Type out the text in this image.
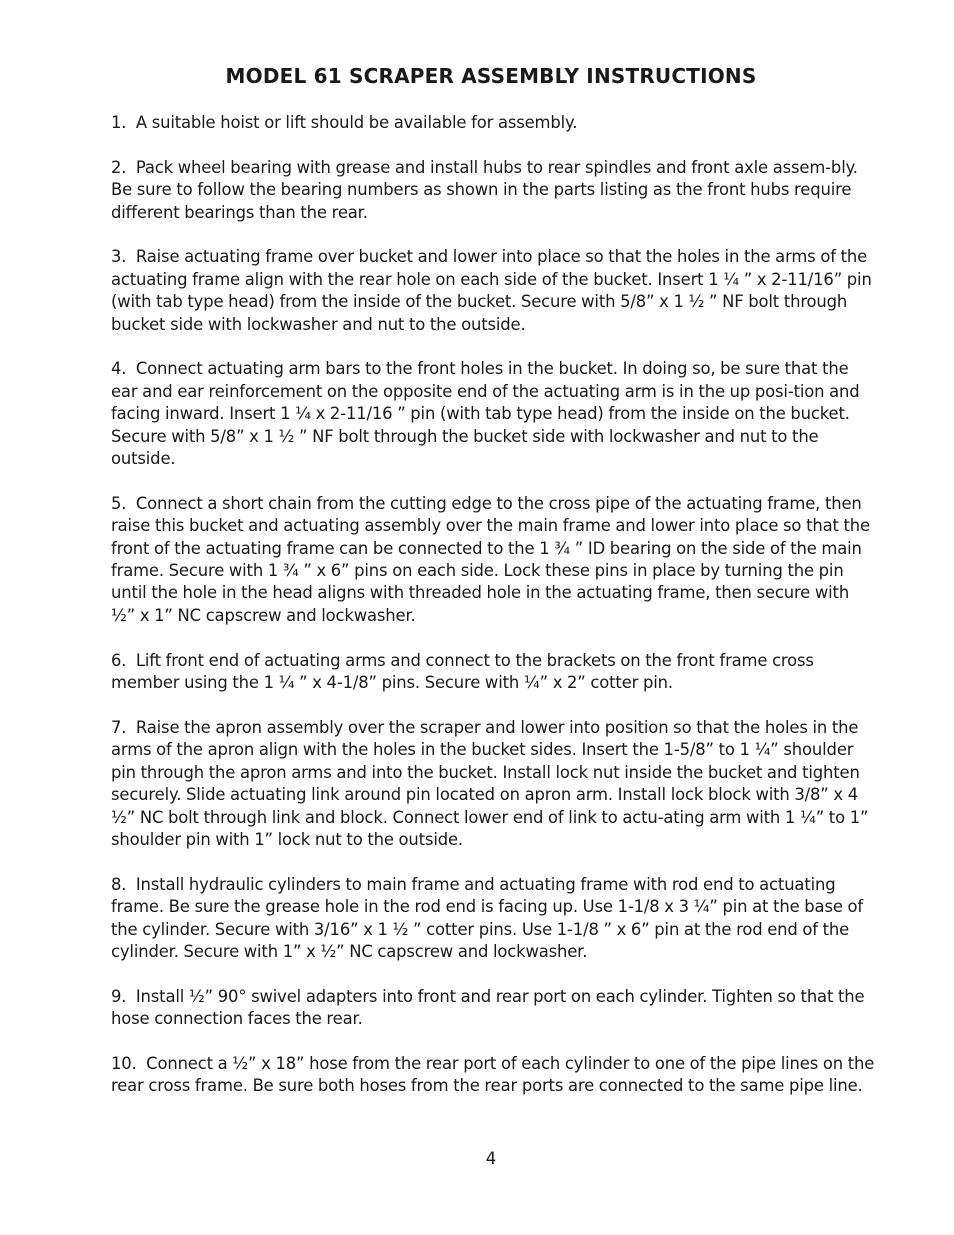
MODEL 61 SCRAPER ASSEMBLY INSTRUCTIONS
1. A suitable hoist or lift should be available for assembly.
2. Pack wheel bearing with grease and install hubs to rear spindles and front axle assem-bly. Be sure to follow the bearing numbers as shown in the parts listing as the front hubs require different bearings than the rear.
3. Raise actuating frame over bucket and lower into place so that the holes in the arms of the actuating frame align with the rear hole on each side of the bucket. Insert 1 ¼ ” x 2-11/16” pin (with tab type head) from the inside of the bucket. Secure with 5/8” x 1 ½ ” NF bolt through bucket side with lockwasher and nut to the outside.
4. Connect actuating arm bars to the front holes in the bucket. In doing so, be sure that the ear and ear reinforcement on the opposite end of the actuating arm is in the up posi-tion and facing inward. Insert 1 ¼ x 2-11/16 ” pin (with tab type head) from the inside on the bucket. Secure with 5/8” x 1 ½ ” NF bolt through the bucket side with lockwasher and nut to the outside.
5. Connect a short chain from the cutting edge to the cross pipe of the actuating frame, then raise this bucket and actuating assembly over the main frame and lower into place so that the front of the actuating frame can be connected to the 1 ¾ ” ID bearing on the side of the main frame. Secure with 1 ¾ ” x 6” pins on each side. Lock these pins in place by turning the pin until the hole in the head aligns with threaded hole in the actuating frame, then secure with ½” x 1” NC capscrew and lockwasher.
6. Lift front end of actuating arms and connect to the brackets on the front frame cross member using the 1 ¼ ” x 4-1/8” pins. Secure with ¼” x 2” cotter pin.
7. Raise the apron assembly over the scraper and lower into position so that the holes in the arms of the apron align with the holes in the bucket sides. Insert the 1-5/8” to 1 ¼” shoulder pin through the apron arms and into the bucket. Install lock nut inside the bucket and tighten securely. Slide actuating link around pin located on apron arm. Install lock block with 3/8” x 4 ½” NC bolt through link and block. Connect lower end of link to actu-ating arm with 1 ¼” to 1” shoulder pin with 1” lock nut to the outside.
8. Install hydraulic cylinders to main frame and actuating frame with rod end to actuating frame. Be sure the grease hole in the rod end is facing up. Use 1-1/8 x 3 ¼” pin at the base of the cylinder. Secure with 3/16” x 1 ½ ” cotter pins. Use 1-1/8 ” x 6” pin at the rod end of the cylinder. Secure with 1” x ½” NC capscrew and lockwasher.
9. Install ½” 90° swivel adapters into front and rear port on each cylinder. Tighten so that the hose connection faces the rear.
10. Connect a ½” x 18” hose from the rear port of each cylinder to one of the pipe lines on the rear cross frame. Be sure both hoses from the rear ports are connected to the same pipe line.
4
